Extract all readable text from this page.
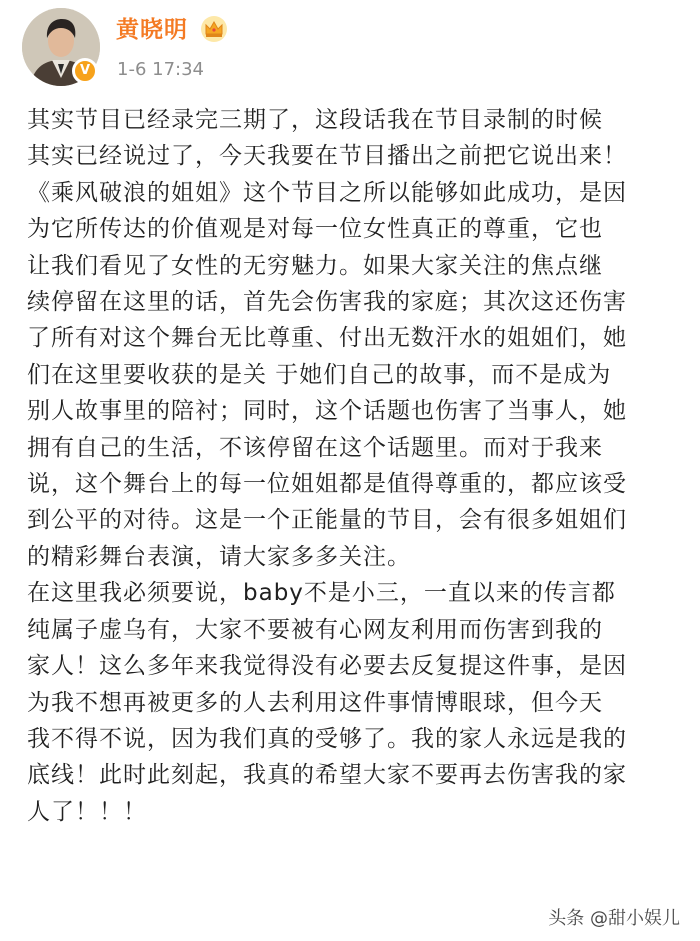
V
黄晓明
1-6 17:34

其实节目已经录完三期了，这段话我在节目录制的时候
其实已经说过了，今天我要在节目播出之前把它说出来！
《乘风破浪的姐姐》这个节目之所以能够如此成功，是因
为它所传达的价值观是对每一位女性真正的尊重，它也
让我们看见了女性的无穷魅力。如果大家关注的焦点继
续停留在这里的话，首先会伤害我的家庭；其次这还伤害
了所有对这个舞台无比尊重、付出无数汗水的姐姐们，她
们在这里要收获的是关 于她们自己的故事，而不是成为
别人故事里的陪衬；同时，这个话题也伤害了当事人，她
拥有自己的生活，不该停留在这个话题里。而对于我来
说，这个舞台上的每一位姐姐都是值得尊重的，都应该受
到公平的对待。这是一个正能量的节目，会有很多姐姐们
的精彩舞台表演，请大家多多关注。

在这里我必须要说，baby不是小三，一直以来的传言都
纯属子虚乌有，大家不要被有心网友利用而伤害到我的
家人！这么多年来我觉得没有必要去反复提这件事，是因
为我不想再被更多的人去利用这件事情博眼球，但今天
我不得不说，因为我们真的受够了。我的家人永远是我的
底线！此时此刻起，我真的希望大家不要再去伤害我的家
人了！！！

头条 @甜小娱儿
